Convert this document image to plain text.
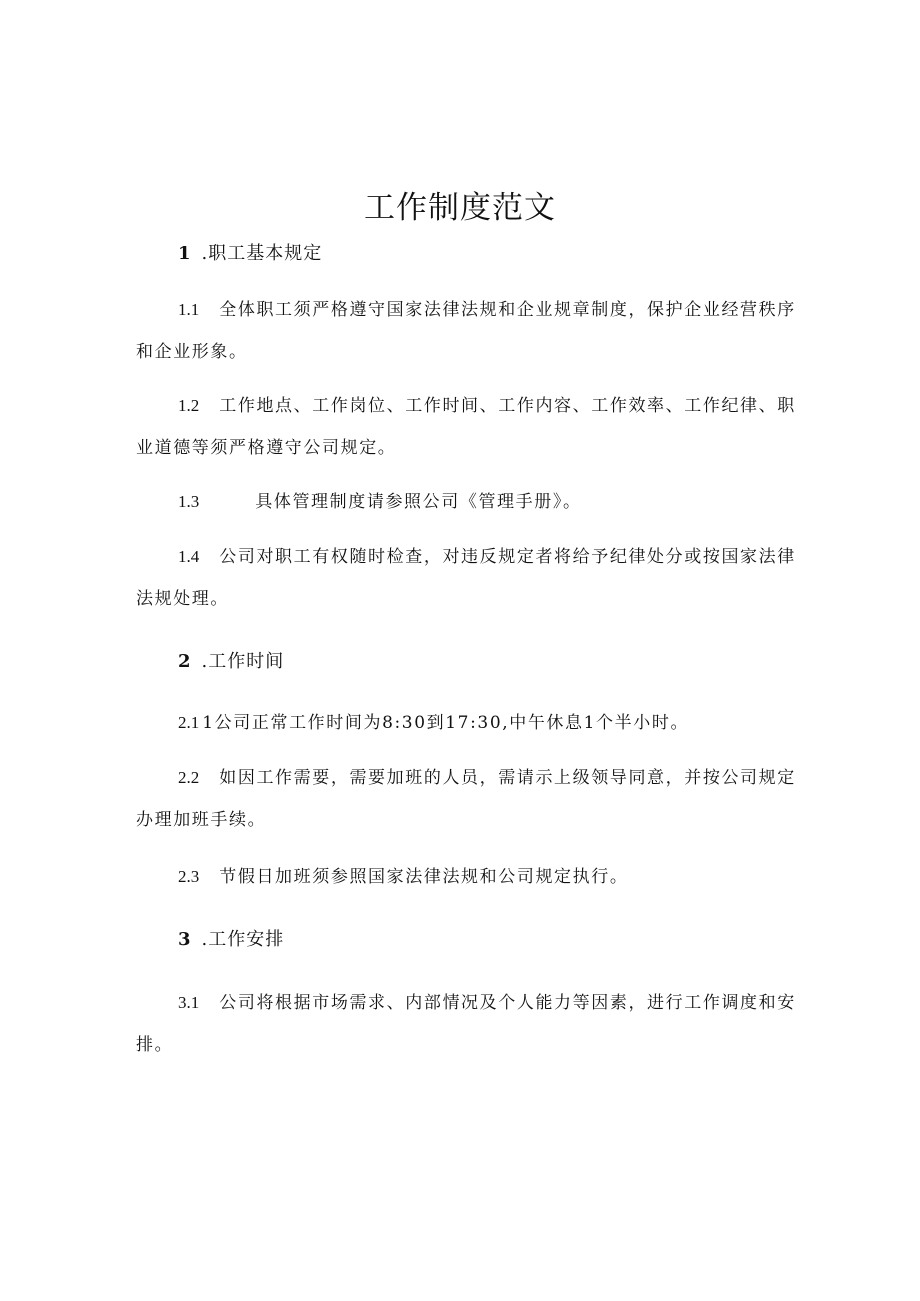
工作制度范文
1 .职工基本规定

1.1 全体职工须严格遵守国家法律法规和企业规章制度，保护企业经营秩序和企业形象。

1.2 工作地点、工作岗位、工作时间、工作内容、工作效率、工作纪律、职业道德等须严格遵守公司规定。

1.3	具体管理制度请参照公司《管理手册》。

1.4 公司对职工有权随时检查，对违反规定者将给予纪律处分或按国家法律法规处理。

2 .工作时间

2.1 1公司正常工作时间为8:30到17:30,中午休息1个半小时。

2.2 如因工作需要，需要加班的人员，需请示上级领导同意，并按公司规定办理加班手续。

2.3 节假日加班须参照国家法律法规和公司规定执行。

3 .工作安排

3.1 公司将根据市场需求、内部情况及个人能力等因素，进行工作调度和安排。
